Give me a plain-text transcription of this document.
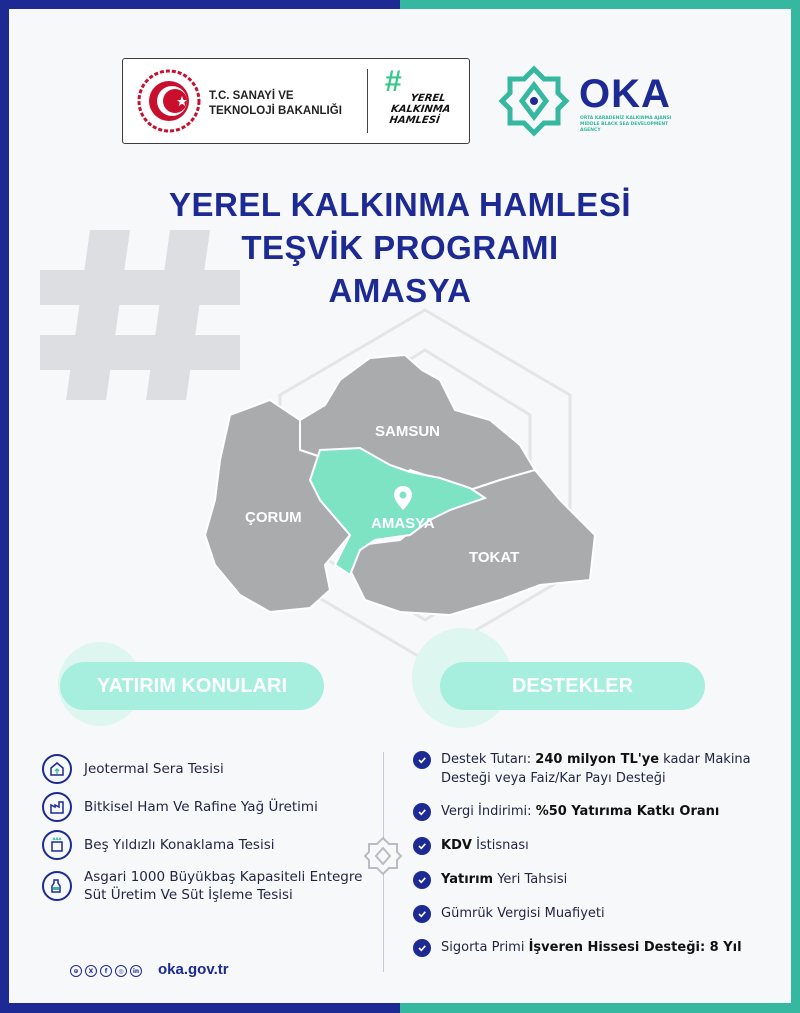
T.C. SANAYİ VE
TEKNOLOJİ BAKANLIĞI
#
YEREL
KALKINMA
HAMLESİ
OKA
ORTA KARADENİZ KALKINMA AJANSI MIDDLE BLACK SEA DEVELOPMENT AGENCY
YEREL KALKINMA HAMLESİ
TEŞVİK PROGRAMI
AMASYA
SAMSUN
ÇORUM	AMASYA
TOKAT
YATIRIM KONULARI	DESTEKLER
Jeotermal Sera Tesisi
Bitkisel Ham Ve Rafine Yağ Üretimi
Beş Yıldızlı Konaklama Tesisi
Asgari 1000 Büyükbaş Kapasiteli Entegre Süt Üretim Ve Süt İşleme Tesisi
Destek Tutarı: 240 milyon TL'ye kadar Makina Desteği veya Faiz/Kar Payı Desteği
Vergi İndirimi: %50 Yatırıma Katkı Oranı
KDV İstisnası
Yatırım Yeri Tahsisi
Gümrük Vergisi Muafiyeti
Sigorta Primi İşveren Hissesi Desteği: 8 Yıl
⊕	X	f	◎	in oka.gov.tr
